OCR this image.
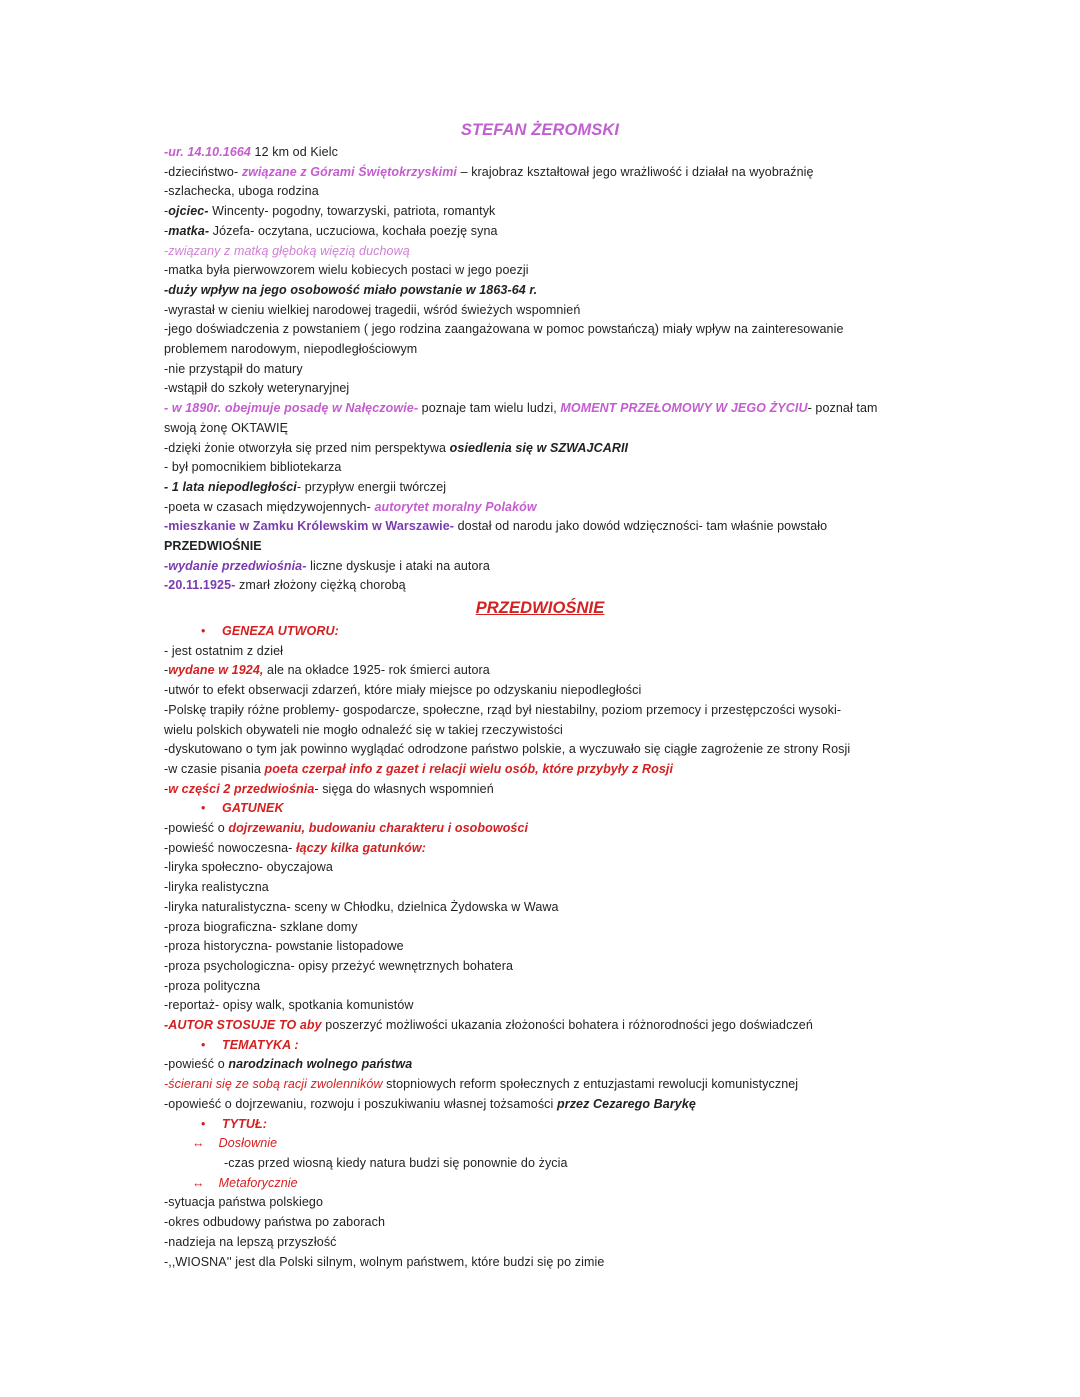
STEFAN ŻEROMSKI

-ur. 14.10.1664 12 km od Kielc

-dzieciństwo- związane z Górami Świętokrzyskimi – krajobraz kształtował jego wrażliwość i działał na wyobraźnię

-szlachecka, uboga rodzina

-ojciec- Wincenty- pogodny, towarzyski, patriota, romantyk

-matka- Józefa- oczytana, uczuciowa, kochała poezję syna

-związany z matką głęboką więzią duchową

-matka była pierwowzorem wielu kobiecych postaci w jego poezji

-duży wpływ na jego osobowość miało powstanie w 1863-64 r.

-wyrastał w cieniu wielkiej narodowej tragedii, wśród świeżych wspomnień

-jego doświadczenia z powstaniem ( jego rodzina zaangażowana w pomoc powstańczą) miały wpływ na zainteresowanie

problemem narodowym, niepodległościowym

-nie przystąpił do matury

-wstąpił do szkoły weterynaryjnej

- w 1890r. obejmuje posadę w Nałęczowie- poznaje tam wielu ludzi, MOMENT PRZEŁOMOWY W JEGO ŻYCIU- poznał tam

swoją żonę OKTAWIĘ

-dzięki żonie otworzyła się przed nim perspektywa osiedlenia się w SZWAJCARII

- był pomocnikiem bibliotekarza

- 1 lata niepodległości- przypływ energii twórczej

-poeta w czasach międzywojennych- autorytet moralny Polaków

-mieszkanie w Zamku Królewskim w Warszawie- dostał od narodu jako dowód wdzięczności- tam właśnie powstało

PRZEDWIOŚNIE

-wydanie przedwiośnia- liczne dyskusje i ataki na autora

-20.11.1925- zmarł złożony ciężką chorobą

PRZEDWIOŚNIE

• GENEZA UTWORU:

- jest ostatnim z dzieł

-wydane w 1924, ale na okładce 1925- rok śmierci autora

-utwór to efekt obserwacji zdarzeń, które miały miejsce po odzyskaniu niepodległości

-Polskę trapiły różne problemy- gospodarcze, społeczne, rząd był niestabilny, poziom przemocy i przestępczości wysoki-

wielu polskich obywateli nie mogło odnaleźć się w takiej rzeczywistości

-dyskutowano o tym jak powinno wyglądać odrodzone państwo polskie, a wyczuwało się ciągłe zagrożenie ze strony Rosji

-w czasie pisania poeta czerpał info z gazet i relacji wielu osób, które przybyły z Rosji

-w części 2 przedwiośnia- sięga do własnych wspomnień

• GATUNEK

-powieść o dojrzewaniu, budowaniu charakteru i osobowości

-powieść nowoczesna- łączy kilka gatunków:

-liryka społeczno- obyczajowa

-liryka realistyczna

-liryka naturalistyczna- sceny w Chłodku, dzielnica Żydowska w Wawa

-proza biograficzna- szklane domy

-proza historyczna- powstanie listopadowe

-proza psychologiczna- opisy przeżyć wewnętrznych bohatera

-proza polityczna

-reportaż- opisy walk, spotkania komunistów

-AUTOR STOSUJE TO aby poszerzyć możliwości ukazania złożoności bohatera i różnorodności jego doświadczeń

• TEMATYKA :

-powieść o narodzinach wolnego państwa

-ścierani się ze sobą racji zwolenników stopniowych reform społecznych z entuzjastami rewolucji komunistycznej

-opowieść o dojrzewaniu, rozwoju i poszukiwaniu własnej tożsamości przez Cezarego Barykę

• TYTUŁ:

↔ Dosłownie

-czas przed wiosną kiedy natura budzi się ponownie do życia

↔ Metaforycznie

-sytuacja państwa polskiego

-okres odbudowy państwa po zaborach

-nadzieja na lepszą przyszłość

-,,WIOSNA'' jest dla Polski silnym, wolnym państwem, które budzi się po zimie
